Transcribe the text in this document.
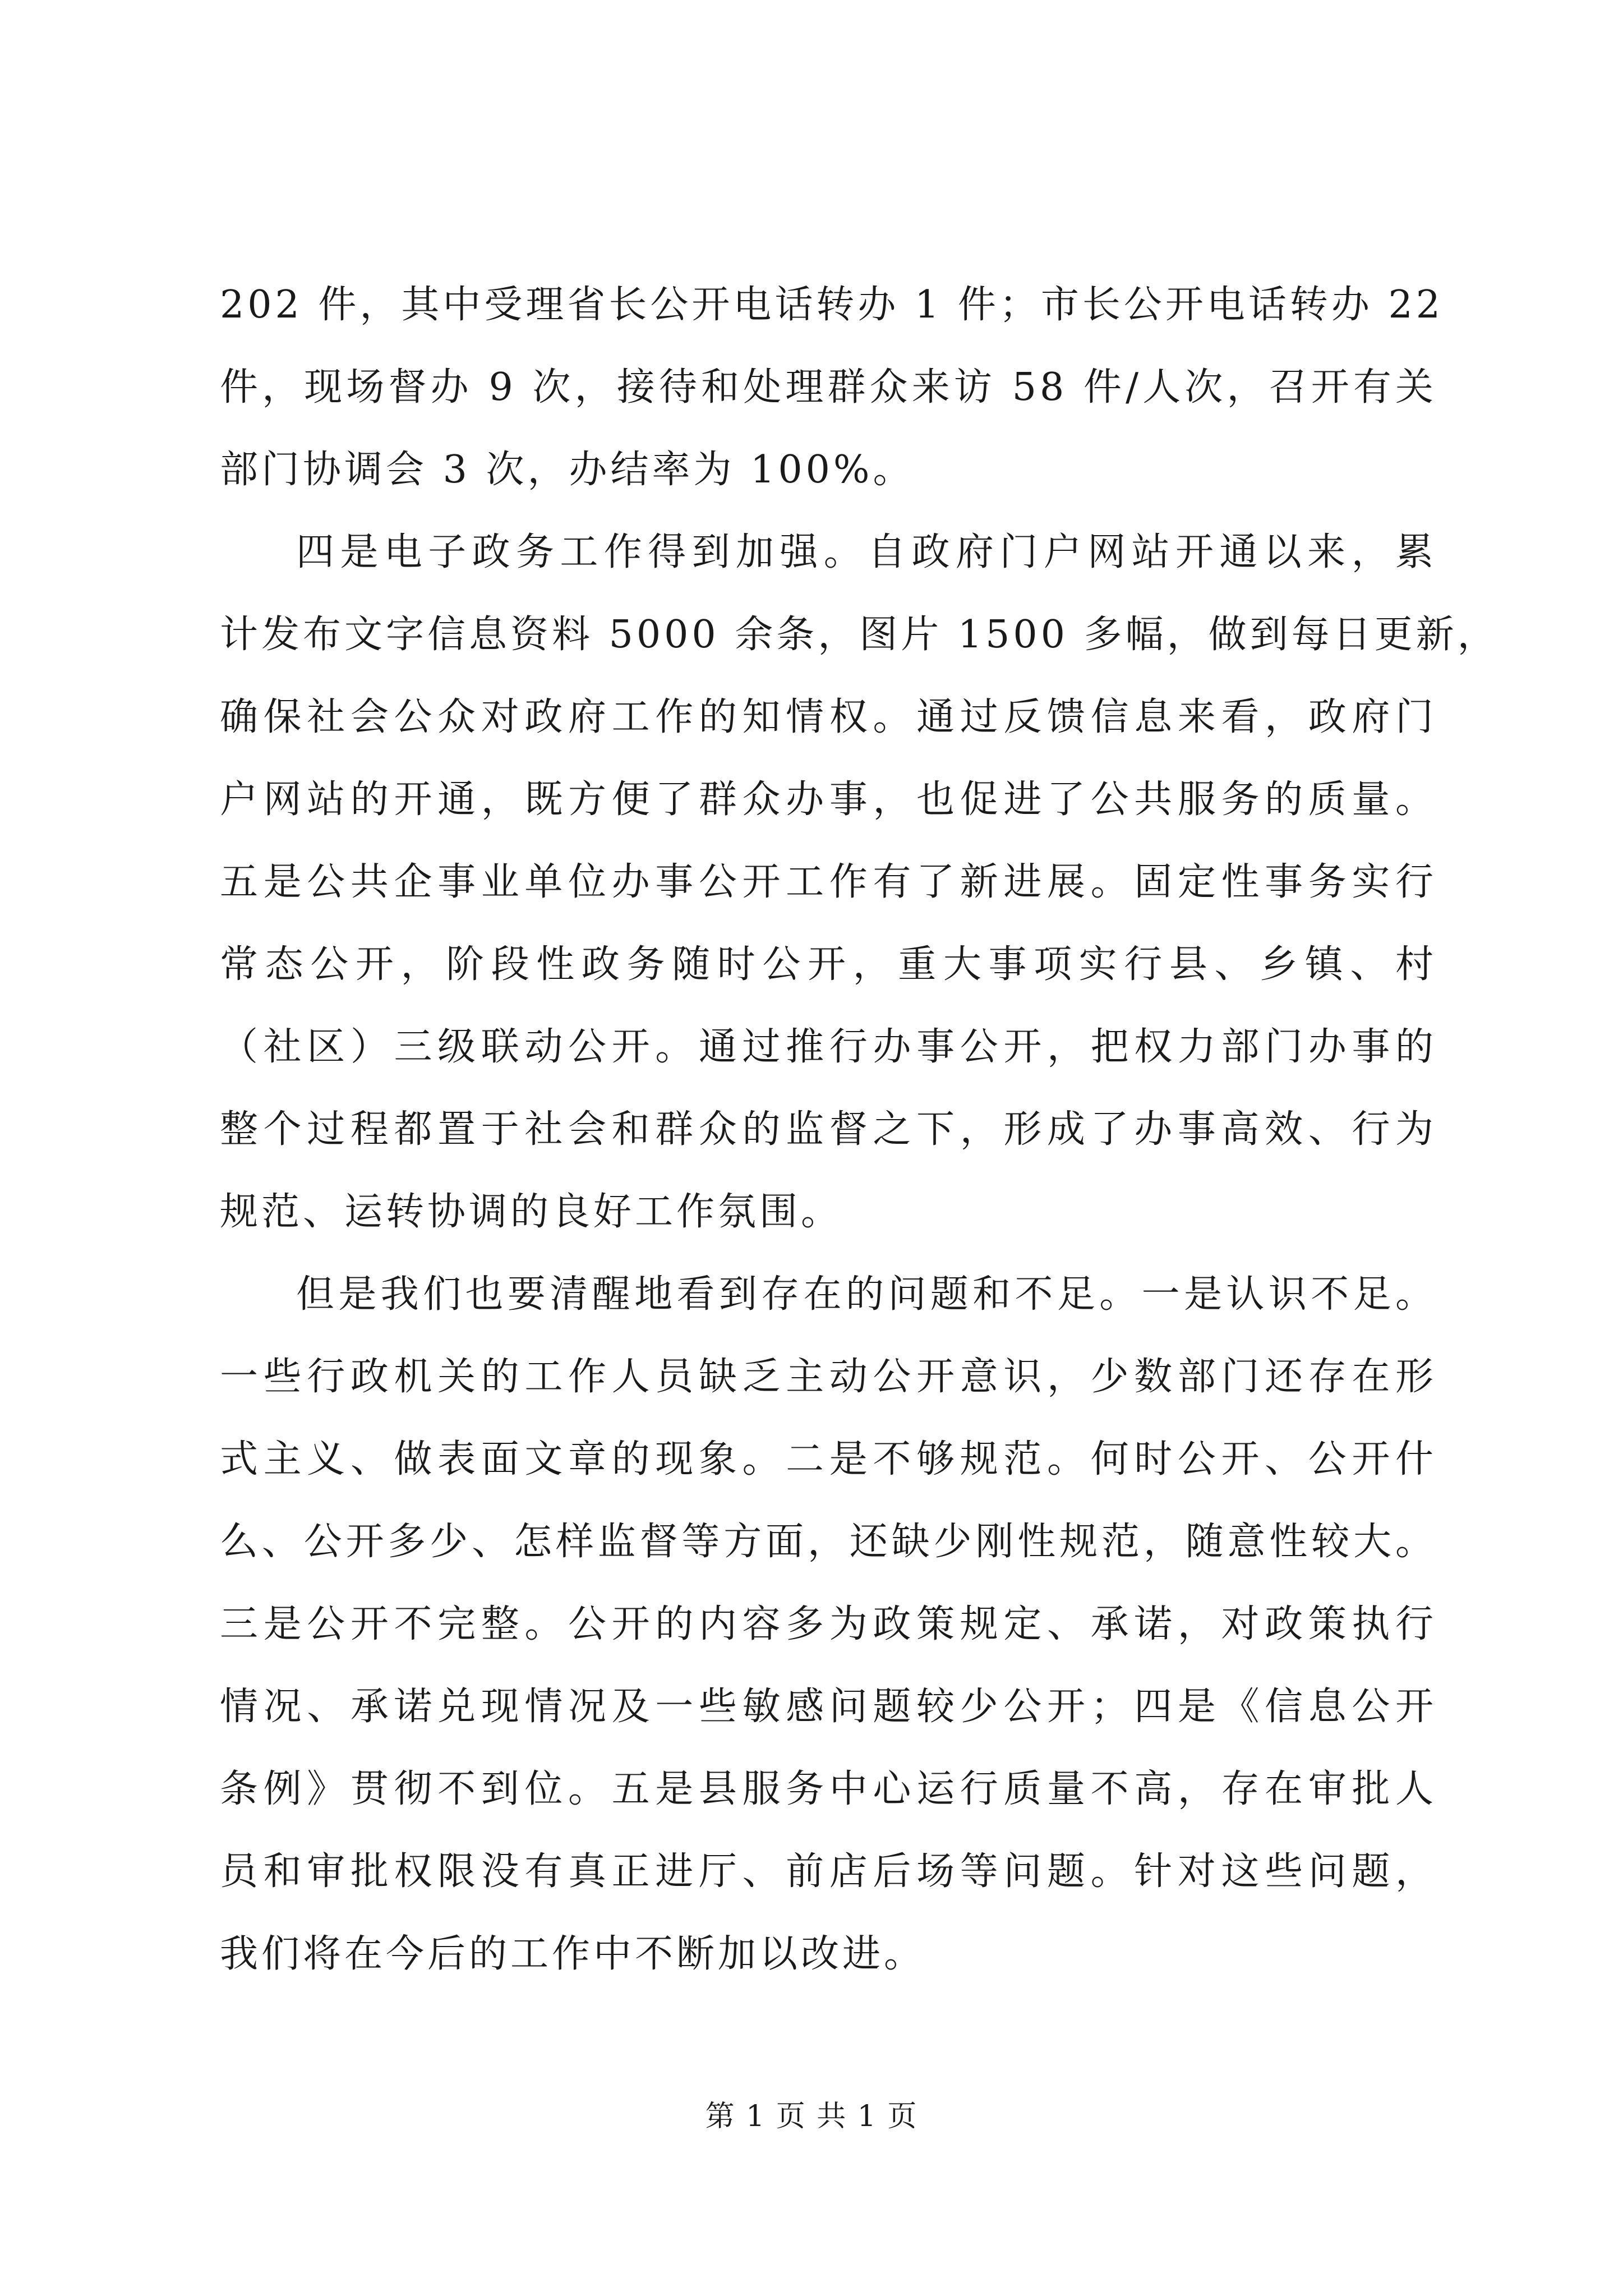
202 件，其中受理省长公开电话转办 1 件；市长公开电话转办 22
件，现场督办 9 次，接待和处理群众来访 58 件/人次，召开有关
部门协调会 3 次，办结率为 100%。
四是电子政务工作得到加强。自政府门户网站开通以来，累
计发布文字信息资料 5000 余条，图片 1500 多幅，做到每日更新，
确保社会公众对政府工作的知情权。通过反馈信息来看，政府门
户网站的开通，既方便了群众办事，也促进了公共服务的质量。
五是公共企事业单位办事公开工作有了新进展。固定性事务实行
常态公开，阶段性政务随时公开，重大事项实行县、乡镇、村
（社区）三级联动公开。通过推行办事公开，把权力部门办事的
整个过程都置于社会和群众的监督之下，形成了办事高效、行为
规范、运转协调的良好工作氛围。
但是我们也要清醒地看到存在的问题和不足。一是认识不足。
一些行政机关的工作人员缺乏主动公开意识，少数部门还存在形
式主义、做表面文章的现象。二是不够规范。何时公开、公开什
么、公开多少、怎样监督等方面，还缺少刚性规范，随意性较大。
三是公开不完整。公开的内容多为政策规定、承诺，对政策执行
情况、承诺兑现情况及一些敏感问题较少公开；四是《信息公开
条例》贯彻不到位。五是县服务中心运行质量不高，存在审批人
员和审批权限没有真正进厅、前店后场等问题。针对这些问题，
我们将在今后的工作中不断加以改进。
第 1 页 共 1 页
